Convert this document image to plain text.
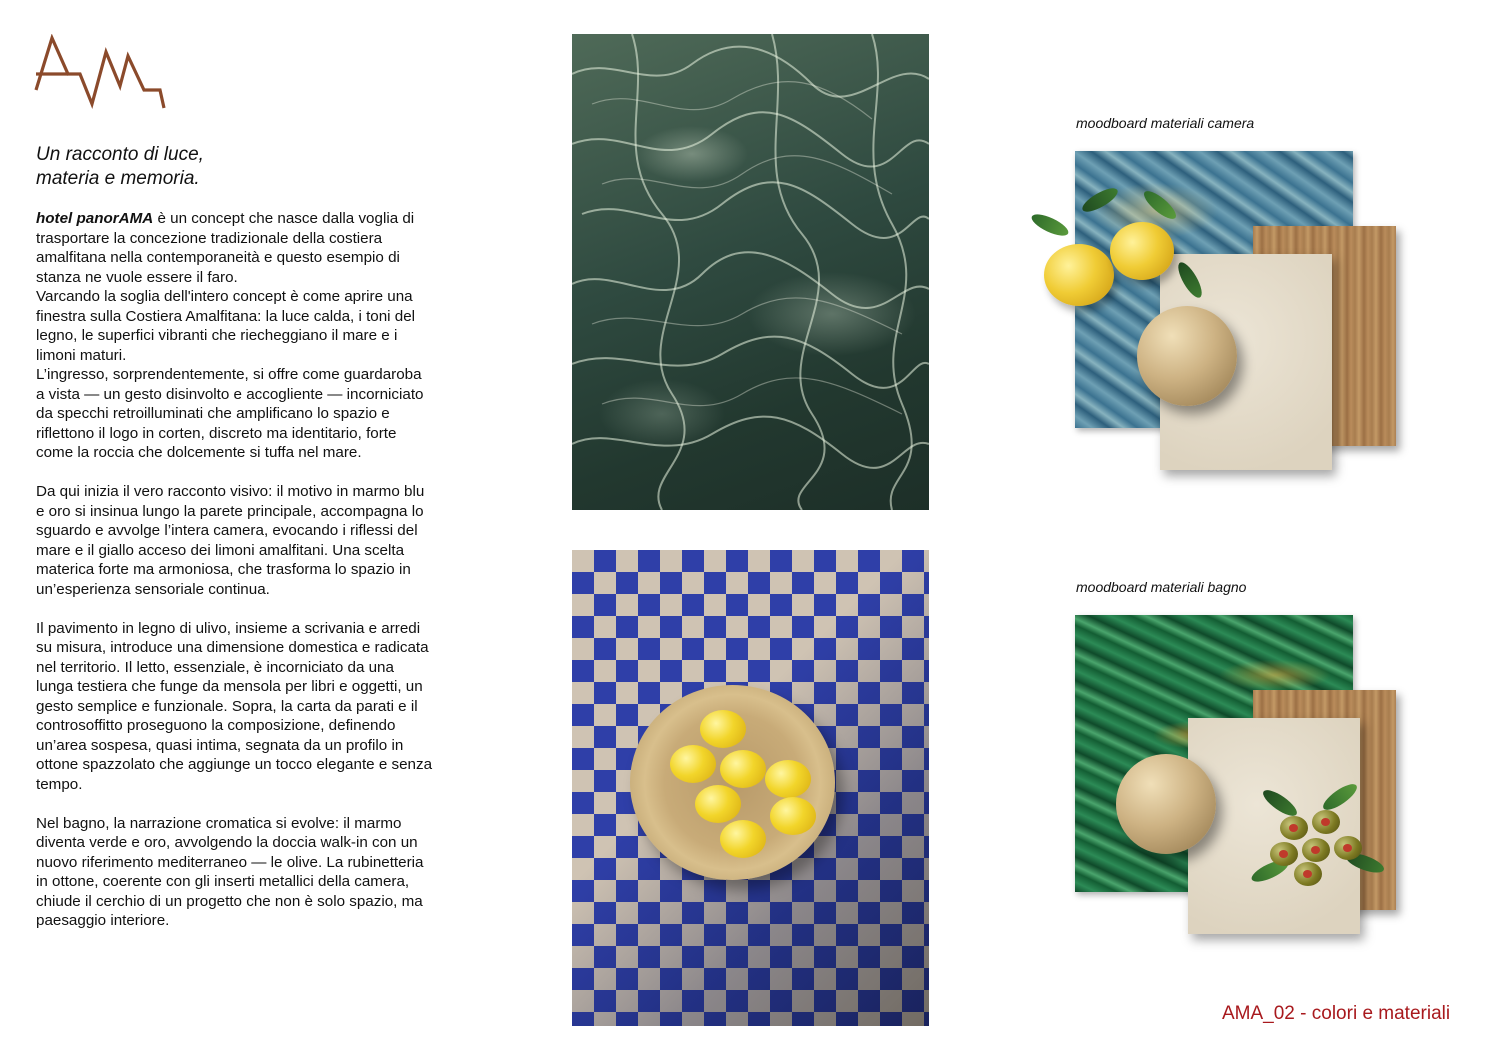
Un racconto di luce,
materia e memoria.

hotel panorAMA è un concept che nasce dalla voglia di trasportare la concezione tradizionale della costiera amalfitana nella contemporaneità e questo esempio di stanza ne vuole essere il faro.
Varcando la soglia dell'intero concept è come aprire una finestra sulla Costiera Amalfitana: la luce calda, i toni del legno, le superfici vibranti che riecheggiano il mare e i limoni maturi.
L’ingresso, sorprendentemente, si offre come guardaroba a vista — un gesto disinvolto e accogliente — incorniciato da specchi retroilluminati che amplificano lo spazio e riflettono il logo in corten, discreto ma identitario, forte come la roccia che dolcemente si tuffa nel mare.

Da qui inizia il vero racconto visivo: il motivo in marmo blu e oro si insinua lungo la parete principale, accompagna lo sguardo e avvolge l’intera camera, evocando i riflessi del mare e il giallo acceso dei limoni amalfitani. Una scelta materica forte ma armoniosa, che trasforma lo spazio in un’esperienza sensoriale continua.

Il pavimento in legno di ulivo, insieme a scrivania e arredi su misura, introduce una dimensione domestica e radicata nel territorio. Il letto, essenziale, è incorniciato da una lunga testiera che funge da mensola per libri e oggetti, un gesto semplice e funzionale. Sopra, la carta da parati e il controsoffitto proseguono la composizione, definendo un’area sospesa, quasi intima, segnata da un profilo in ottone spazzolato che aggiunge un tocco elegante e senza tempo.

Nel bagno, la narrazione cromatica si evolve: il marmo diventa verde e oro, avvolgendo la doccia walk-in con un nuovo riferimento mediterraneo — le olive. La rubinetteria in ottone, coerente con gli inserti metallici della camera, chiude il cerchio di un progetto che non è solo spazio, ma paesaggio interiore.

moodboard materiali camera
moodboard materiali bagno
AMA_02 - colori e materiali
